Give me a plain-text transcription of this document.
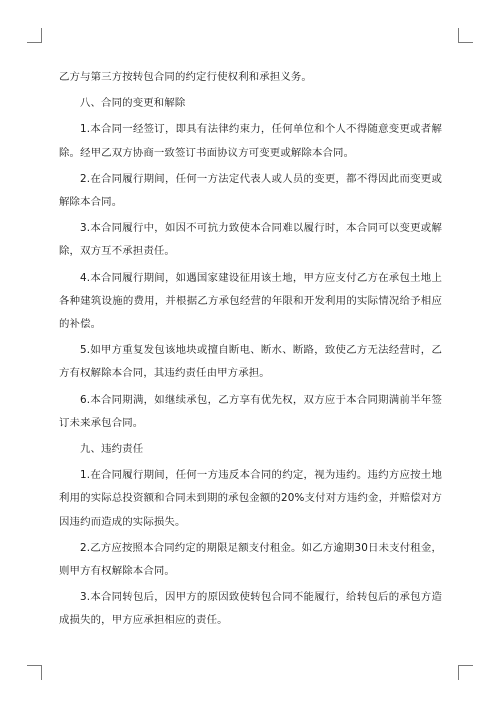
乙方与第三方按转包合同的约定行使权利和承担义务。

八、合同的变更和解除

1.本合同一经签订，即具有法律约束力，任何单位和个人不得随意变更或者解除。经甲乙双方协商一致签订书面协议方可变更或解除本合同。

2.在合同履行期间，任何一方法定代表人或人员的变更，都不得因此而变更或解除本合同。

3.本合同履行中，如因不可抗力致使本合同难以履行时，本合同可以变更或解除，双方互不承担责任。

4.本合同履行期间，如遇国家建设征用该土地，甲方应支付乙方在承包土地上各种建筑设施的费用，并根据乙方承包经营的年限和开发利用的实际情况给予相应的补偿。

5.如甲方重复发包该地块或擅自断电、断水、断路，致使乙方无法经营时，乙方有权解除本合同，其违约责任由甲方承担。

6.本合同期满，如继续承包，乙方享有优先权，双方应于本合同期满前半年签订未来承包合同。

九、违约责任

1.在合同履行期间，任何一方违反本合同的约定，视为违约。违约方应按土地利用的实际总投资额和合同未到期的承包金额的20%支付对方违约金，并赔偿对方因违约而造成的实际损失。

2.乙方应按照本合同约定的期限足额支付租金。如乙方逾期30日未支付租金，则甲方有权解除本合同。

3.本合同转包后，因甲方的原因致使转包合同不能履行，给转包后的承包方造成损失的，甲方应承担相应的责任。
